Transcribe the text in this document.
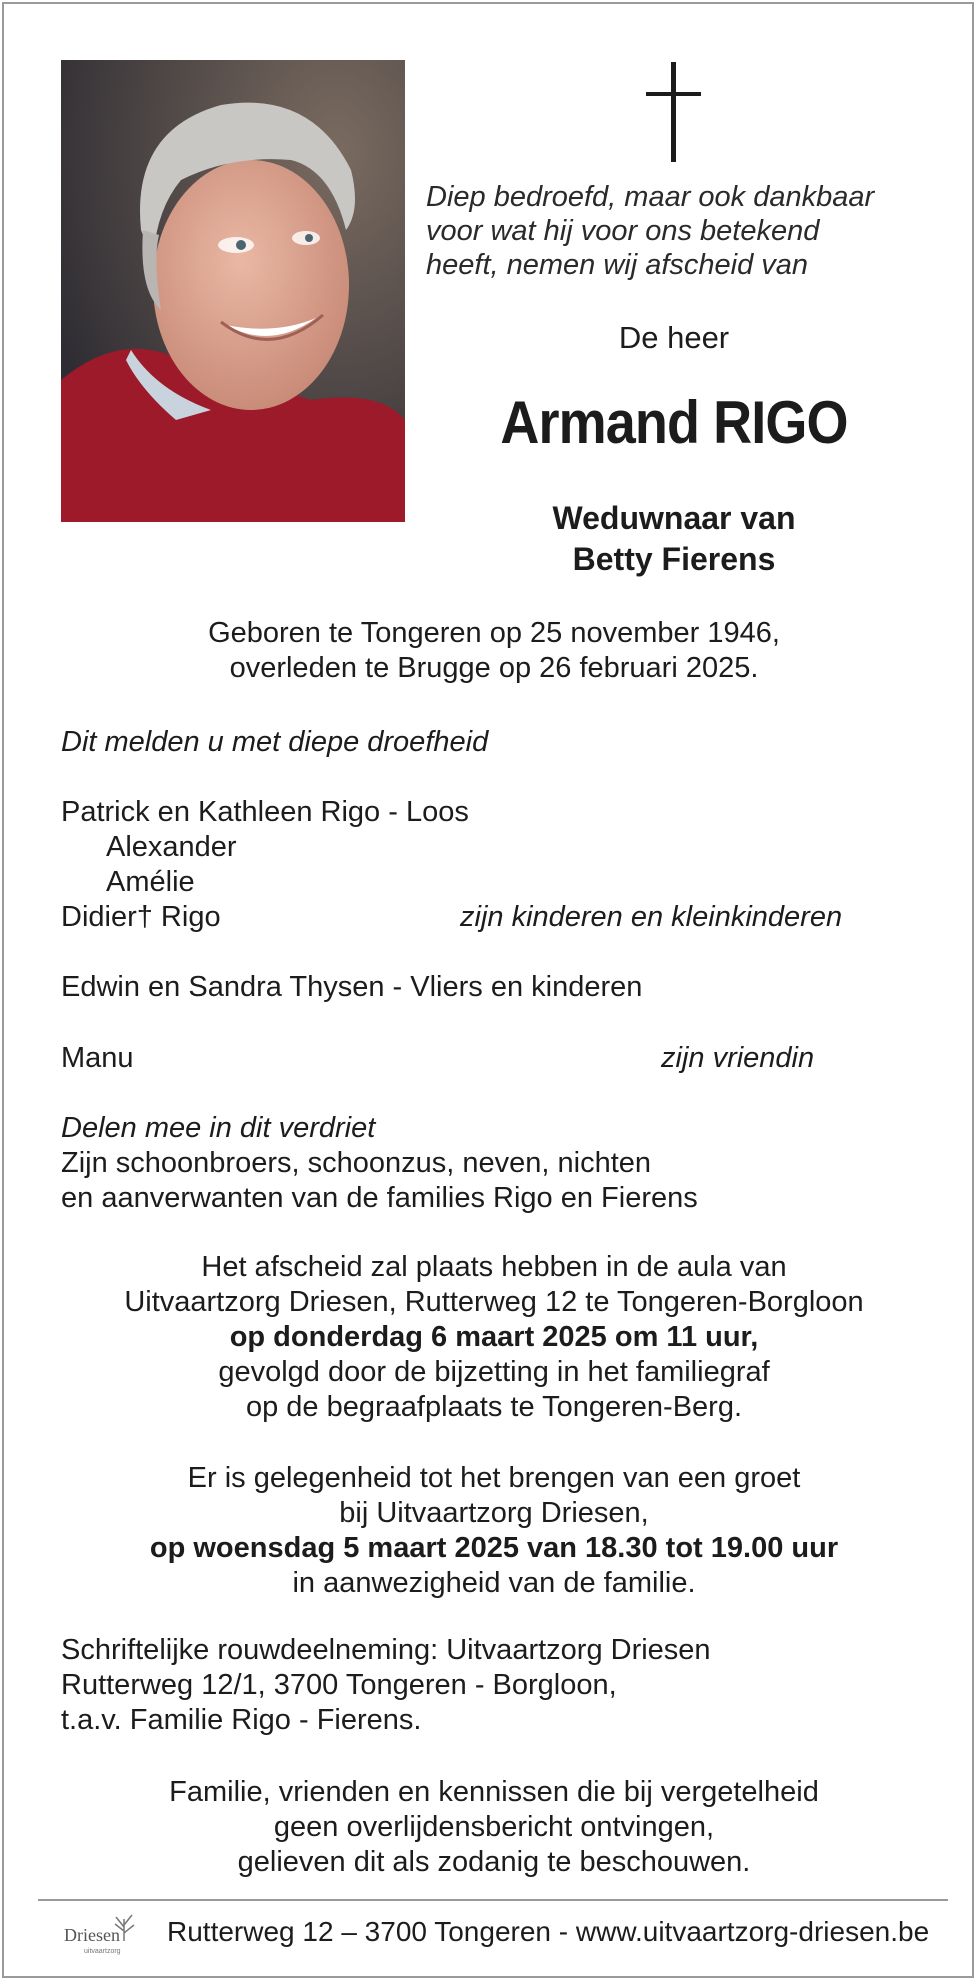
Diep bedroefd, maar ook dankbaar
voor wat hij voor ons betekend
heeft, nemen wij afscheid van
De heer
Armand RIGO
Weduwnaar van
Betty Fierens
Geboren te Tongeren op 25 november 1946,
overleden te Brugge op 26 februari 2025.
Dit melden u met diepe droefheid
Patrick en Kathleen Rigo - Loos
Alexander
Amélie
Didier† Rigo	zijn kinderen en kleinkinderen
Edwin en Sandra Thysen - Vliers en kinderen
Manu	zijn vriendin
Delen mee in dit verdriet
Zijn schoonbroers, schoonzus, neven, nichten
en aanverwanten van de families Rigo en Fierens
Het afscheid zal plaats hebben in de aula van
Uitvaartzorg Driesen, Rutterweg 12 te Tongeren-Borgloon
op donderdag 6 maart 2025 om 11 uur,
gevolgd door de bijzetting in het familiegraf
op de begraafplaats te Tongeren-Berg.
Er is gelegenheid tot het brengen van een groet
bij Uitvaartzorg Driesen,
op woensdag 5 maart 2025 van 18.30 tot 19.00 uur
in aanwezigheid van de familie.
Schriftelijke rouwdeelneming: Uitvaartzorg Driesen
Rutterweg 12/1, 3700 Tongeren - Borgloon,
t.a.v. Familie Rigo - Fierens.
Familie, vrienden en kennissen die bij vergetelheid
geen overlijdensbericht ontvingen,
gelieven dit als zodanig te beschouwen.
Driesen
uitvaartzorg
Rutterweg 12 – 3700 Tongeren - www.uitvaartzorg-driesen.be
